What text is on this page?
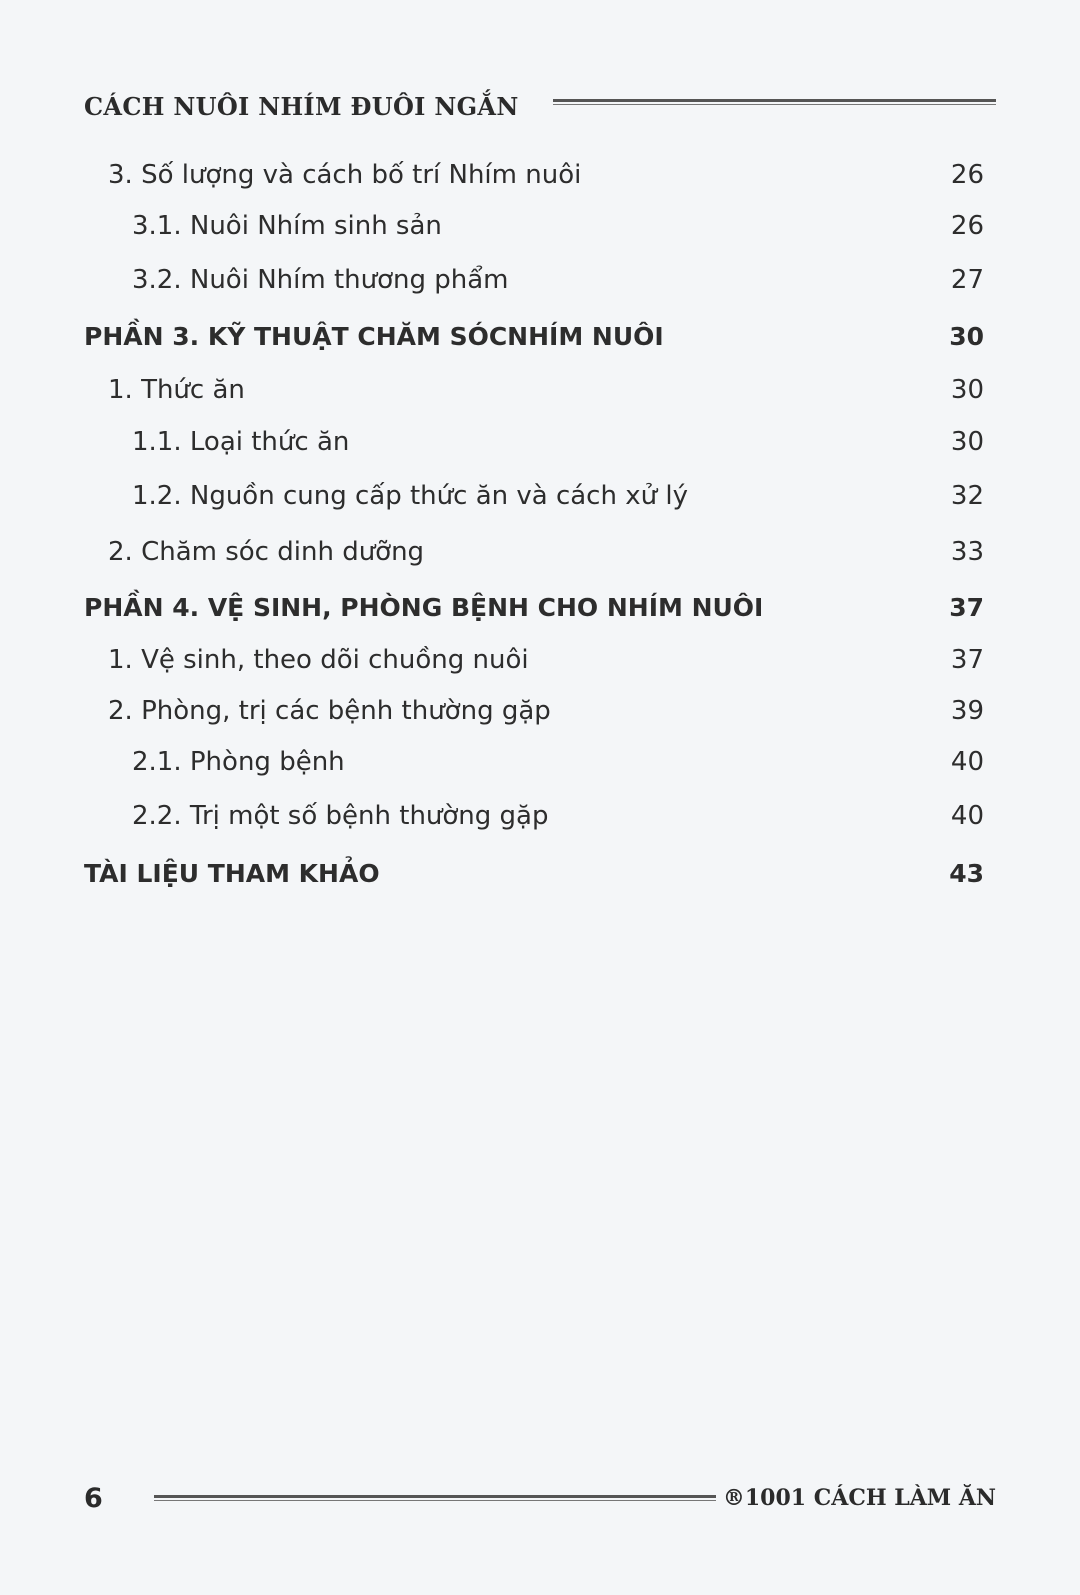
CÁCH NUÔI NHÍM ĐUÔI NGẮN
3. Số lượng và cách bố trí Nhím nuôi	26
3.1. Nuôi Nhím sinh sản	26
3.2. Nuôi Nhím thương phẩm	27
PHẦN 3. KỸ THUẬT CHĂM SÓCNHÍM NUÔI	30
1. Thức ăn	30
1.1. Loại thức ăn	30
1.2. Nguồn cung cấp thức ăn và cách xử lý	32
2. Chăm sóc dinh dưỡng	33
PHẦN 4. VỆ SINH, PHÒNG BỆNH CHO NHÍM NUÔI	37
1. Vệ sinh, theo dõi chuồng nuôi	37
2. Phòng, trị các bệnh thường gặp	39
2.1. Phòng bệnh	40
2.2. Trị một số bệnh thường gặp	40
TÀI LIỆU THAM KHẢO	43
6	®1001 CÁCH LÀM ĂN
